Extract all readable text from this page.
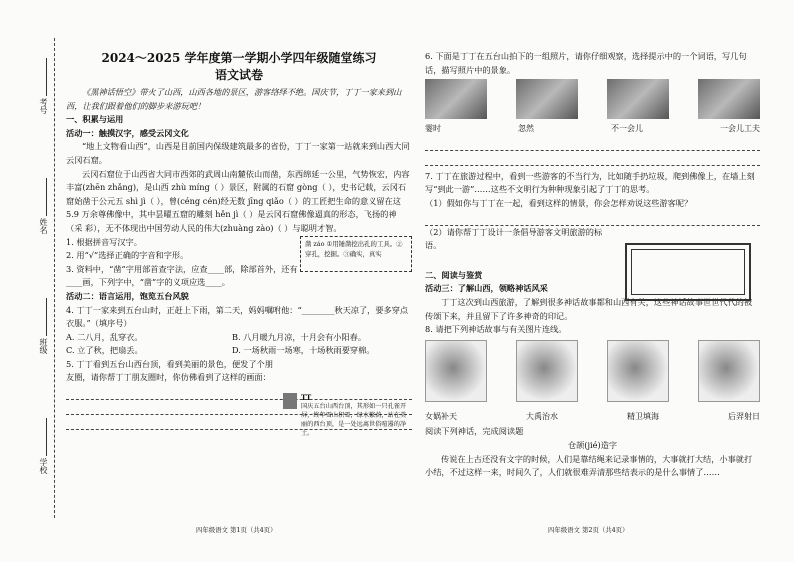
考号
姓名
班级
学校
2024～2025 学年度第一学期小学四年级随堂练习
语文试卷

《黑神话悟空》带火了山西，山西各地的景区，游客络绎不绝。国庆节，丁丁一家来到山西，让我们跟着他们的脚步来游玩吧！

一、积累与运用
活动一：触摸汉字，感受云冈文化

“地上文物看山西”，山西是目前国内保级建筑最多的省份，丁丁一家第一站就来到山西大同云冈石窟。

云冈石窟位于山西省大同市西郊的武周山南麓依山而凿，东西绵延一公里，气势恢宏，内容丰富(zhēn zhǎng)，是山西 zhù míng（ ）景区，附属的石窟 gòng（ ），史书记载，云冈石窟始凿于公元五 shì jì（ ），曾(céng cén)经无数 jīng qiǎo（ ）的工匠把生命的意义留在这 5.9 万余尊佛像中，其中昙曜五窟的雕刻 hěn jì（ ）是云冈石窟佛像逼真的形态，飞扬的神（采 彩），无不体现出中国劳动人民的伟大(zhuàng zào)（ ）与聪明才智。

1. 根据拼音写汉字。
2. 用“√”选择正确的字音和字形。
3. 资料中，“凿”字用部首查字法，应查____部，除部首外，还有____画，下列字中，“凿”字的义项应选____。
活动二：语言运用，饱览五台风貌
4. 丁丁一家来到五台山时，正赶上下雨，第二天，妈妈嘱咐他：“________秋天凉了，要多穿点衣服。”（填序号）
A. 二八月，乱穿衣。	B. 八月暖九月凉，十月会有小阳春。
C. 立了秋，把扇丢。	D. 一场秋雨一场寒，十场秋雨要穿棉。
5. 丁丁看到五台山西台顶，看到美丽的景色，便发了个朋友圈，请你帮丁丁朋友圈时，你仿佛看到了这样的画面：
凿 záo ①用锤凿挖出孔的工具。②穿孔，挖掘。③确实，真实
TT
国庆五台山西台顶，其形如一只孔雀开屏，终年雪山积雪，绿水繁荫，站在美丽的西台顶，是一处远离世俗喧嚣的净土。
四年级语文 第1页（共4页）
6. 下面是丁丁在五台山拍下的一组照片，请你仔细观察，选择提示中的一个词语，写几句话，描写照片中的景象。
霎时	忽然	不一会儿	一会儿工夫
7. 丁丁在旅游过程中，看到一些游客的不当行为，比如随手扔垃圾，爬到佛像上，在墙上刻写“到此一游”……这些不文明行为种种现象引起了丁丁的思考。
（1）假如你与丁丁在一起，看到这样的情景，你会怎样劝说这些游客呢？
（2）请你帮丁丁设计一条倡导游客文明旅游的标语。
二、阅读与鉴赏
活动三：了解山西，领略神话风采

丁丁这次到山西旅游，了解到很多神话故事都和山西有关，这些神话故事世世代代的被传颂下来，并且留下了许多神奇的印记。

8. 请把下列神话故事与有关图片连线。
女娲补天	大禹治水	精卫填海	后羿射日
阅读下列神话，完成阅读题
仓颉(jié)造字

传说在上古还没有文字的时候，人们是靠结绳来记录事情的，大事就打大结，小事就打小结，不过这样一来，时间久了，人们就很难弄清那些结表示的是什么事情了……

四年级语文 第2页（共4页）
